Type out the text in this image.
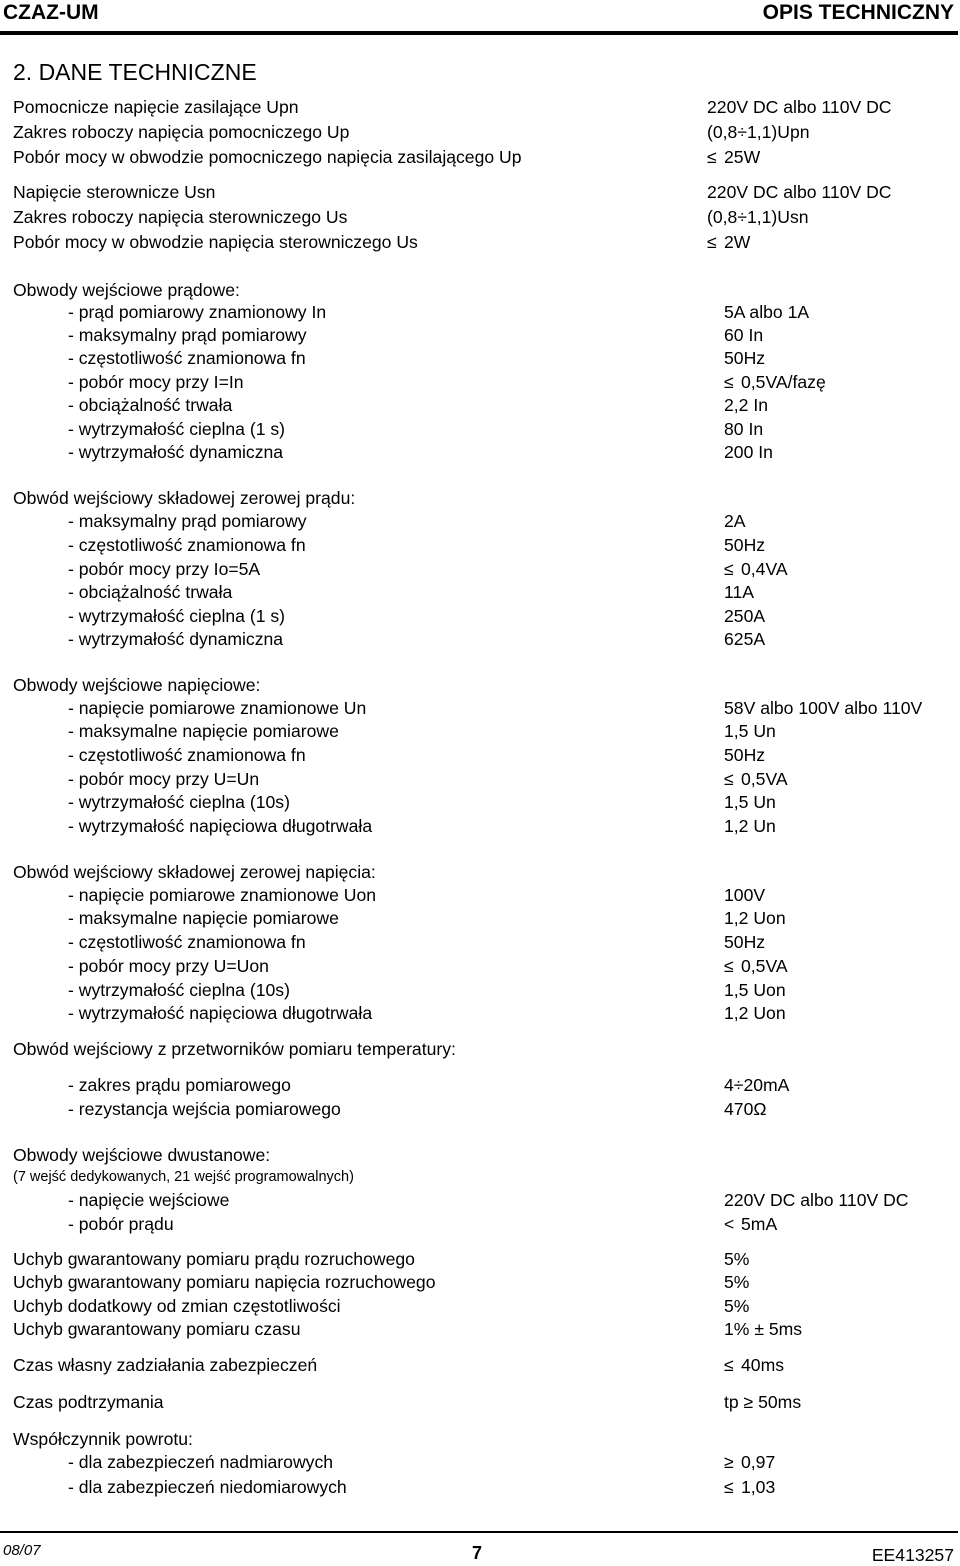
CZAZ-UM	OPIS TECHNICZNY
2. DANE TECHNICZNE
Pomocnicze napięcie zasilające Upn	220V DC albo 110V DC
Zakres roboczy napięcia pomocniczego Up	(0,8÷1,1)Upn
Pobór mocy w obwodzie pomocniczego napięcia zasilającego Up	≤ 25W
Napięcie sterownicze Usn	220V DC albo 110V DC
Zakres roboczy napięcia sterowniczego Us	(0,8÷1,1)Usn
Pobór mocy w obwodzie napięcia sterowniczego Us	≤ 2W
Obwody wejściowe prądowe:
- prąd pomiarowy znamionowy In	5A albo 1A
- maksymalny prąd pomiarowy	60 In
- częstotliwość znamionowa fn	50Hz
- pobór mocy przy I=In	≤ 0,5VA/fazę
- obciążalność trwała	2,2 In
- wytrzymałość cieplna (1 s)	80 In
- wytrzymałość dynamiczna	200 In
Obwód wejściowy składowej zerowej prądu:
- maksymalny prąd pomiarowy	2A
- częstotliwość znamionowa fn	50Hz
- pobór mocy przy Io=5A	≤ 0,4VA
- obciążalność trwała	11A
- wytrzymałość cieplna (1 s)	250A
- wytrzymałość dynamiczna	625A
Obwody wejściowe napięciowe:
- napięcie pomiarowe znamionowe Un	58V albo 100V albo 110V
- maksymalne napięcie pomiarowe	1,5 Un
- częstotliwość znamionowa fn	50Hz
- pobór mocy przy U=Un	≤ 0,5VA
- wytrzymałość cieplna (10s)	1,5 Un
- wytrzymałość napięciowa długotrwała	1,2 Un
Obwód wejściowy składowej zerowej napięcia:
- napięcie pomiarowe znamionowe Uon	100V
- maksymalne napięcie pomiarowe	1,2 Uon
- częstotliwość znamionowa fn	50Hz
- pobór mocy przy U=Uon	≤ 0,5VA
- wytrzymałość cieplna (10s)	1,5 Uon
- wytrzymałość napięciowa długotrwała	1,2 Uon
Obwód wejściowy z przetworników pomiaru temperatury:
- zakres prądu pomiarowego	4÷20mA
- rezystancja wejścia pomiarowego	470Ω
Obwody wejściowe dwustanowe:
(7 wejść dedykowanych, 21 wejść programowalnych)
- napięcie wejściowe	220V DC albo 110V DC
- pobór prądu	< 5mA
Uchyb gwarantowany pomiaru prądu rozruchowego	5%
Uchyb gwarantowany pomiaru napięcia rozruchowego	5%
Uchyb dodatkowy od zmian częstotliwości	5%
Uchyb gwarantowany pomiaru czasu	1% ± 5ms
Czas własny zadziałania zabezpieczeń	≤ 40ms
Czas podtrzymania	tp ≥ 50ms
Współczynnik powrotu:
- dla zabezpieczeń nadmiarowych	≥ 0,97
- dla zabezpieczeń niedomiarowych	≤ 1,03
08/07	7	EE413257
